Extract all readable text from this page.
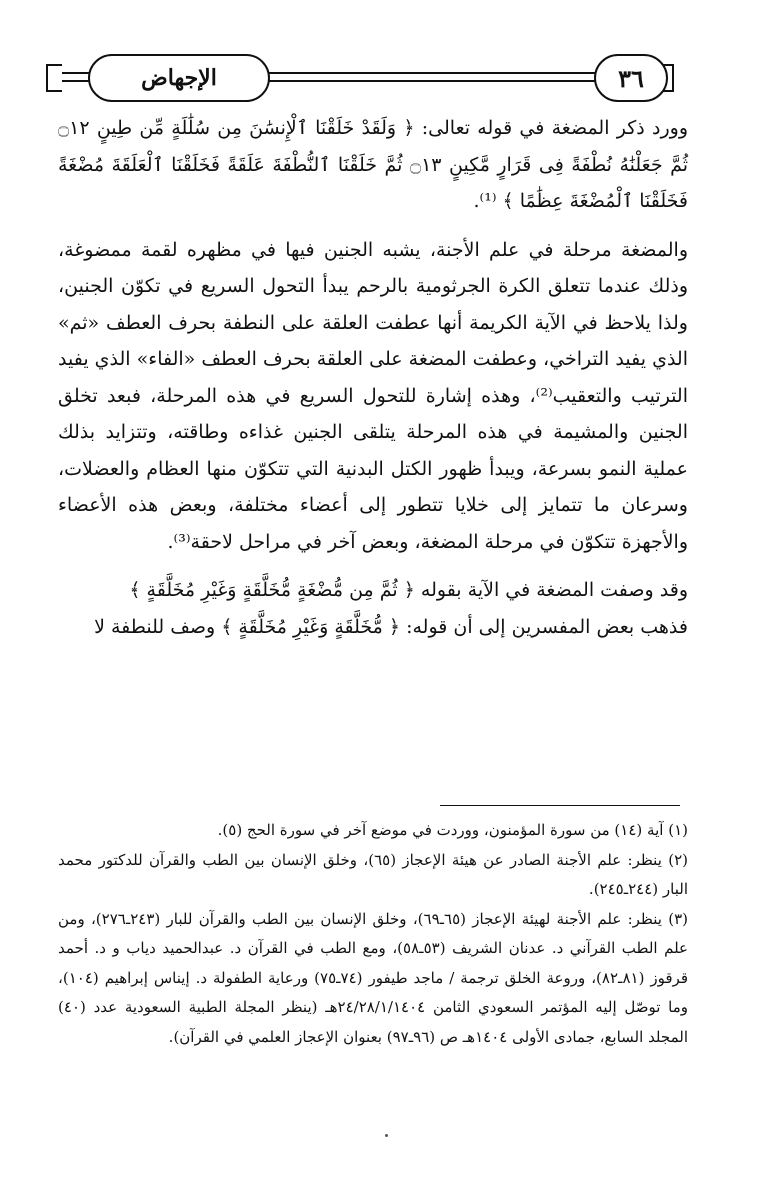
الإجهاض	٣٦

وورد ذكر المضغة في قوله تعالى: ﴿ وَلَقَدْ خَلَقْنَا ٱلْإِنسَٰنَ مِن سُلَٰلَةٍ مِّن طِينٍ ۝١٢ ثُمَّ جَعَلْنَٰهُ نُطْفَةً فِى قَرَارٍ مَّكِينٍ ۝١٣ ثُمَّ خَلَقْنَا ٱلنُّطْفَةَ عَلَقَةً فَخَلَقْنَا ٱلْعَلَقَةَ مُضْغَةً فَخَلَقْنَا ٱلْمُضْغَةَ عِظَٰمًا ﴾ ⁽¹⁾.

والمضغة مرحلة في علم الأجنة، يشبه الجنين فيها في مظهره لقمة ممضوغة، وذلك عندما تتعلق الكرة الجرثومية بالرحم يبدأ التحول السريع في تكوّن الجنين، ولذا يلاحظ في الآية الكريمة أنها عطفت العلقة على النطفة بحرف العطف «ثم» الذي يفيد التراخي، وعطفت المضغة على العلقة بحرف العطف «الفاء» الذي يفيد الترتيب والتعقيب⁽²⁾، وهذه إشارة للتحول السريع في هذه المرحلة، فبعد تخلق الجنين والمشيمة في هذه المرحلة يتلقى الجنين غذاءه وطاقته، وتتزايد بذلك عملية النمو بسرعة، ويبدأ ظهور الكتل البدنية التي تتكوّن منها العظام والعضلات، وسرعان ما تتمايز إلى خلايا تتطور إلى أعضاء مختلفة، وبعض هذه الأعضاء والأجهزة تتكوّن في مرحلة المضغة، وبعض آخر في مراحل لاحقة⁽³⁾.

وقد وصفت المضغة في الآية بقوله ﴿ ثُمَّ مِن مُّضْغَةٍ مُّخَلَّقَةٍ وَغَيْرِ مُخَلَّقَةٍ ﴾

فذهب بعض المفسرين إلى أن قوله: ﴿ مُّخَلَّقَةٍ وَغَيْرِ مُخَلَّقَةٍ ﴾ وصف للنطفة لا

(١) آية (١٤) من سورة المؤمنون، ووردت في موضع آخر في سورة الحج (٥).

(٢) ينظر: علم الأجنة الصادر عن هيئة الإعجاز (٦٥)، وخلق الإنسان بين الطب والقرآن للدكتور محمد البار (٢٤٤ـ٢٤٥).

(٣) ينظر: علم الأجنة لهيئة الإعجاز (٦٥ـ٦٩)، وخلق الإنسان بين الطب والقرآن للبار (٢٤٣ـ٢٧٦)، ومن علم الطب القرآني د. عدنان الشريف (٥٣ـ٥٨)، ومع الطب في القرآن د. عبدالحميد دياب و د. أحمد قرقوز (٨١ـ٨٢)، وروعة الخلق ترجمة / ماجد طيفور (٧٤ـ٧٥) ورعاية الطفولة د. إيناس إبراهيم (١٠٤)، وما توصّل إليه المؤتمر السعودي الثامن ٢٤/٢٨/١/١٤٠٤هـ (ينظر المجلة الطبية السعودية عدد (٤٠) المجلد السابع، جمادى الأولى ١٤٠٤هـ ص (٩٦ـ٩٧) بعنوان الإعجاز العلمي في القرآن).
